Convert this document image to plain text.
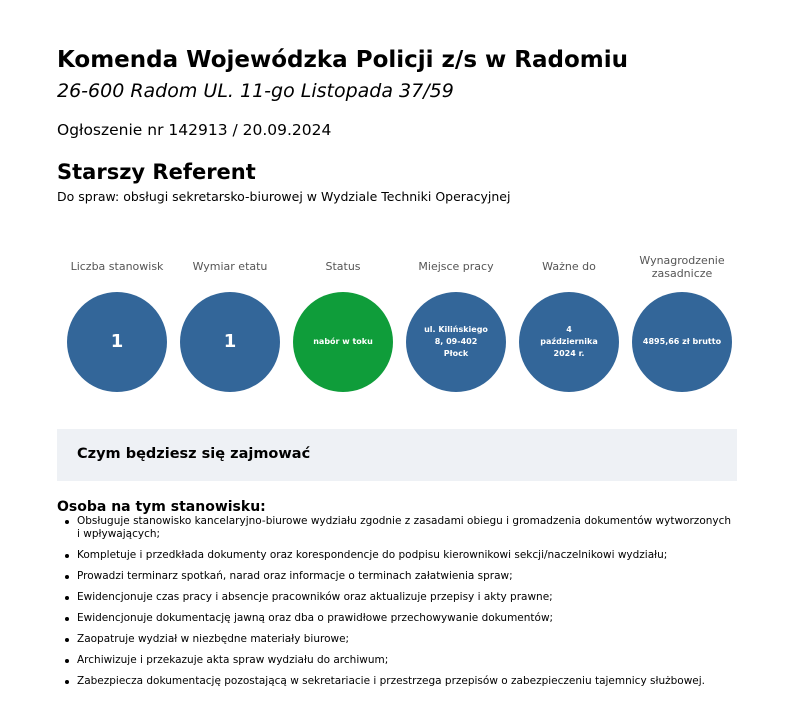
Komenda Wojewódzka Policji z/s w Radomiu
26-600 Radom UL. 11-go Listopada 37/59
Ogłoszenie nr 142913 / 20.09.2024
Starszy Referent
Do spraw: obsługi sekretarsko-biurowej w Wydziale Techniki Operacyjnej
Liczba stanowisk
1
Wymiar etatu
1
Status
nabór w toku
Miejsce pracy
ul. Kilińskiego 8, 09-402 Płock
Ważne do
4 października 2024 r.
Wynagrodzenie zasadnicze
4895,66 zł brutto
Czym będziesz się zajmować
Osoba na tym stanowisku:
Obsługuje stanowisko kancelaryjno-biurowe wydziału zgodnie z zasadami obiegu i gromadzenia dokumentów wytworzonych i wpływających;
Kompletuje i przedkłada dokumenty oraz korespondencje do podpisu kierownikowi sekcji/naczelnikowi wydziału;
Prowadzi terminarz spotkań, narad oraz informacje o terminach załatwienia spraw;
Ewidencjonuje czas pracy i absencje pracowników oraz aktualizuje przepisy i akty prawne;
Ewidencjonuje dokumentację jawną oraz dba o prawidłowe przechowywanie dokumentów;
Zaopatruje wydział w niezbędne materiały biurowe;
Archiwizuje i przekazuje akta spraw wydziału do archiwum;
Zabezpiecza dokumentację pozostającą w sekretariacie i przestrzega przepisów o zabezpieczeniu tajemnicy służbowej.
